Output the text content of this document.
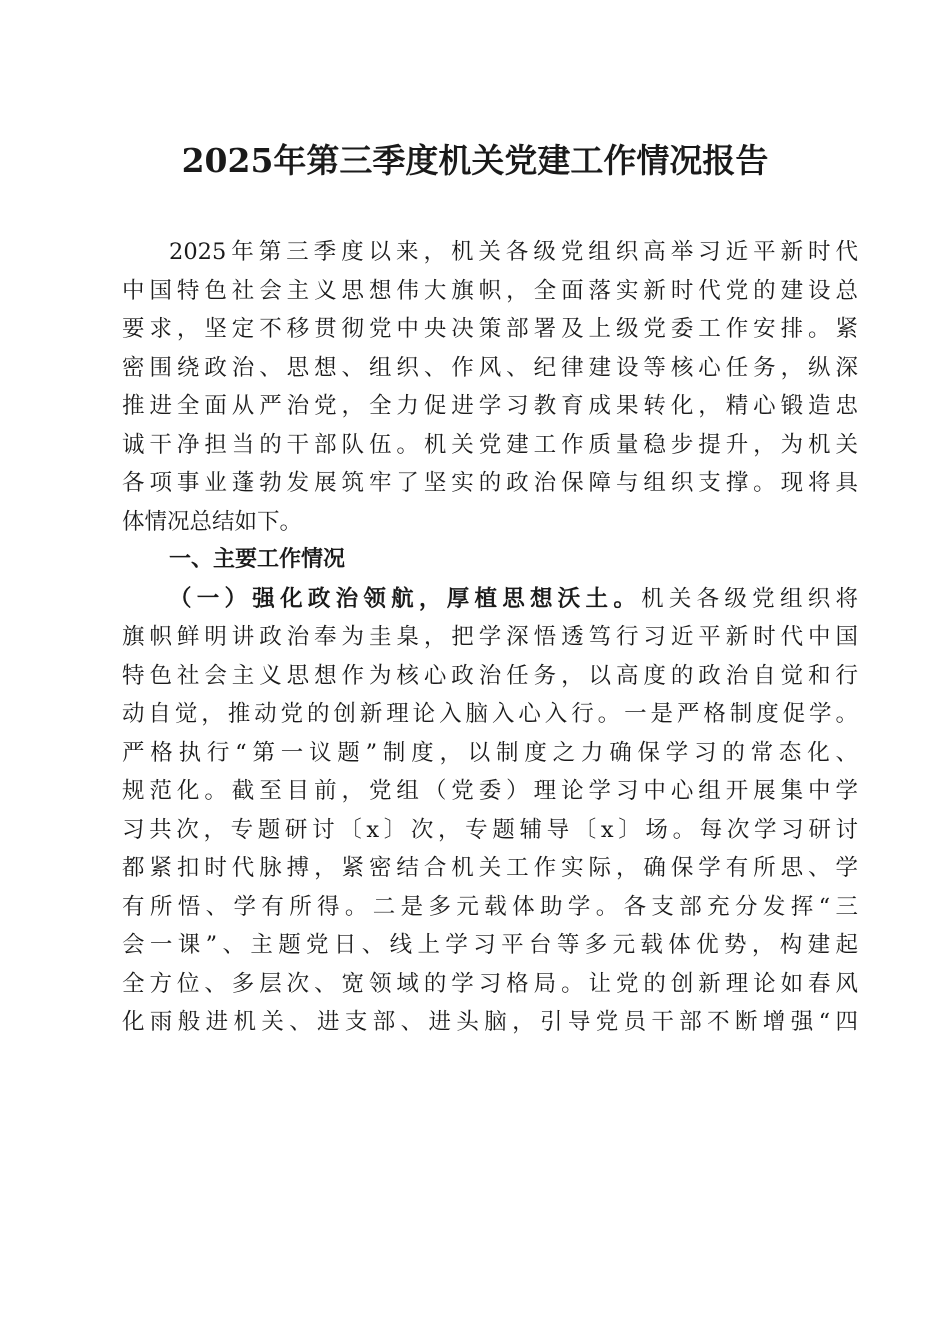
2025年第三季度机关党建工作情况报告
2025年第三季度以来，机关各级党组织高举习近平新时代
中国特色社会主义思想伟大旗帜，全面落实新时代党的建设总
要求，坚定不移贯彻党中央决策部署及上级党委工作安排。紧
密围绕政治、思想、组织、作风、纪律建设等核心任务，纵深
推进全面从严治党，全力促进学习教育成果转化，精心锻造忠
诚干净担当的干部队伍。机关党建工作质量稳步提升，为机关
各项事业蓬勃发展筑牢了坚实的政治保障与组织支撑。现将具
体情况总结如下。
一、主要工作情况
（一）强化政治领航，厚植思想沃土。机关各级党组织将
旗帜鲜明讲政治奉为圭臬，把学深悟透笃行习近平新时代中国
特色社会主义思想作为核心政治任务，以高度的政治自觉和行
动自觉，推动党的创新理论入脑入心入行。一是严格制度促学。
严格执行“第一议题”制度，以制度之力确保学习的常态化、
规范化。截至目前，党组（党委）理论学习中心组开展集中学
习共次，专题研讨〔x〕次，专题辅导〔x〕场。每次学习研讨
都紧扣时代脉搏，紧密结合机关工作实际，确保学有所思、学
有所悟、学有所得。二是多元载体助学。各支部充分发挥“三
会一课”、主题党日、线上学习平台等多元载体优势，构建起
全方位、多层次、宽领域的学习格局。让党的创新理论如春风
化雨般进机关、进支部、进头脑，引导党员干部不断增强“四
